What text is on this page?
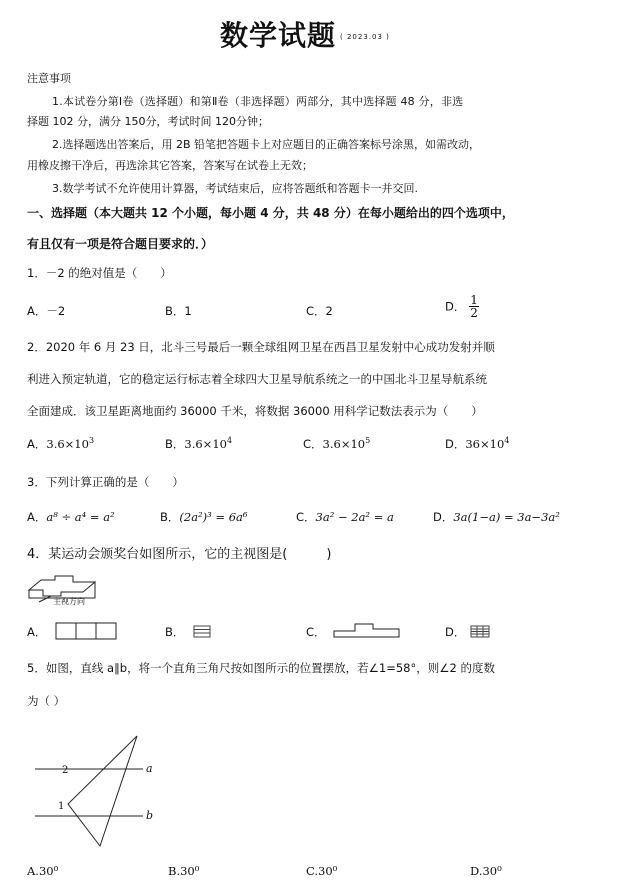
数学试题 ( 2023.03 )
注意事项
1.本试卷分第Ⅰ卷（选择题）和第Ⅱ卷（非选择题）两部分，其中选择题 48 分，非选
择题 102 分，满分 150分，考试时间 120分钟；
2.选择题选出答案后，用 2B 铅笔把答题卡上对应题目的正确答案标号涂黑，如需改动，
用橡皮擦干净后，再选涂其它答案，答案写在试卷上无效；
3.数学考试不允许使用计算器，考试结束后，应将答题纸和答题卡一并交回.
一、选择题（本大题共 12 个小题，每小题 4 分，共 48 分）在每小题给出的四个选项中，
有且仅有一项是符合题目要求的．）
1．－2 的绝对值是（　　）
A．－2	B．1	C．2	D． $\frac{1}{2}$
2．2020 年 6 月 23 日，北斗三号最后一颗全球组网卫星在西昌卫星发射中心成功发射并顺
利进入预定轨道，它的稳定运行标志着全球四大卫星导航系统之一的中国北斗卫星导航系统
全面建成．该卫星距离地面约 36000 千米，将数据 36000 用科学记数法表示为（　　）
A．$3.6\times 10^3$	B．$3.6\times 10^4$	C．$3.6\times 10^5$	D．$36\times 10^4$
3．下列计算正确的是（　　）
A．a⁸ ÷ a⁴ = a²	B．(2a²)³ = 6a⁶	C．3a² − 2a² = a	D．3a(1−a) = 3a−3a²
4．某运动会颁奖台如图所示，它的主视图是(　　　)
主视方向
A．	B．	C．	D．
5．如图，直线 a∥b，将一个直角三角尺按如图所示的位置摆放，若∠1=58°，则∠2 的度数
为（ ）
a
b
2
1
A.30⁰	B.30⁰	C.30⁰	D.30⁰
